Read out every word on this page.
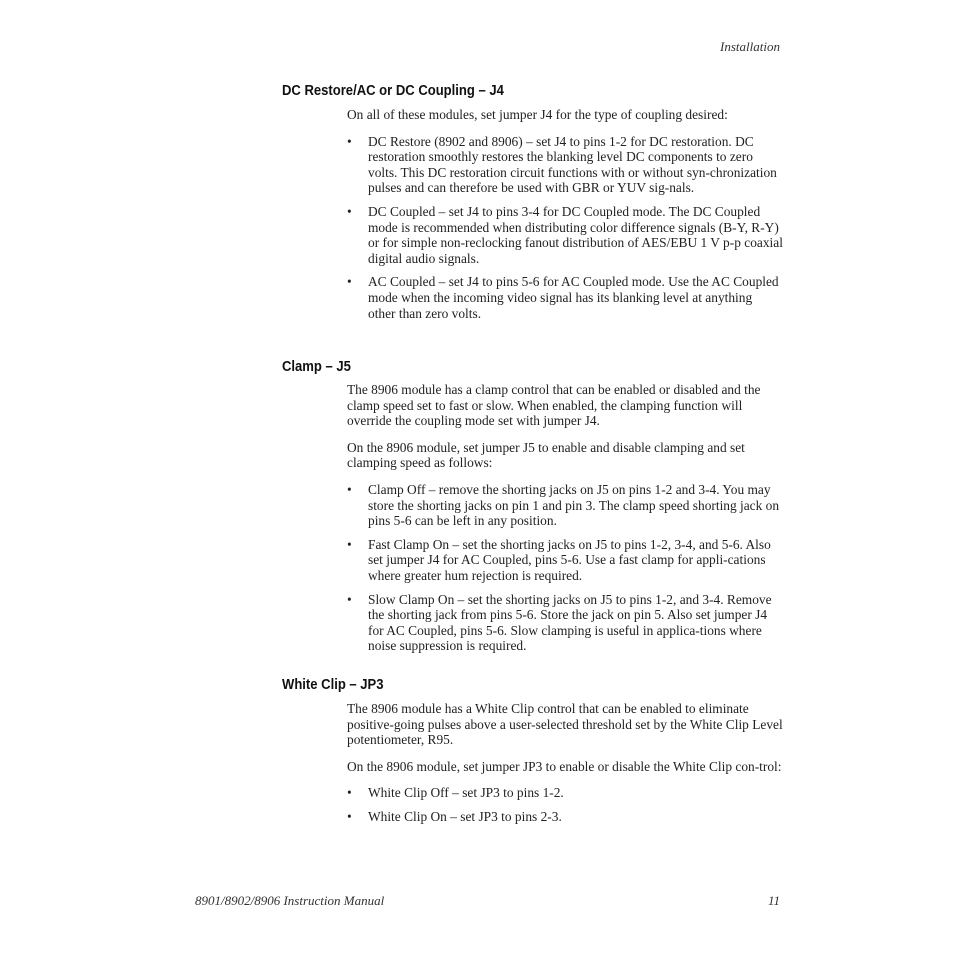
Installation
DC Restore/AC or DC Coupling – J4

On all of these modules, set jumper J4 for the type of coupling desired:

•	DC Restore (8902 and 8906) – set J4 to pins 1-2 for DC restoration. DC restoration smoothly restores the blanking level DC components to zero volts. This DC restoration circuit functions with or without syn-chronization pulses and can therefore be used with GBR or YUV sig-nals.
•	DC Coupled – set J4 to pins 3-4 for DC Coupled mode. The DC Coupled mode is recommended when distributing color difference signals (B-Y, R-Y) or for simple non-reclocking fanout distribution of AES/EBU 1 V p-p coaxial digital audio signals.
•	AC Coupled – set J4 to pins 5-6 for AC Coupled mode. Use the AC Coupled mode when the incoming video signal has its blanking level at anything other than zero volts.
Clamp – J5

The 8906 module has a clamp control that can be enabled or disabled and the clamp speed set to fast or slow. When enabled, the clamping function will override the coupling mode set with jumper J4.

On the 8906 module, set jumper J5 to enable and disable clamping and set clamping speed as follows:

•	Clamp Off – remove the shorting jacks on J5 on pins 1-2 and 3-4. You may store the shorting jacks on pin 1 and pin 3. The clamp speed shorting jack on pins 5-6 can be left in any position.
•	Fast Clamp On – set the shorting jacks on J5 to pins 1-2, 3-4, and 5-6. Also set jumper J4 for AC Coupled, pins 5-6. Use a fast clamp for appli-cations where greater hum rejection is required.
•	Slow Clamp On – set the shorting jacks on J5 to pins 1-2, and 3-4. Remove the shorting jack from pins 5-6. Store the jack on pin 5. Also set jumper J4 for AC Coupled, pins 5-6. Slow clamping is useful in applica-tions where noise suppression is required.
White Clip – JP3

The 8906 module has a White Clip control that can be enabled to eliminate positive-going pulses above a user-selected threshold set by the White Clip Level potentiometer, R95.

On the 8906 module, set jumper JP3 to enable or disable the White Clip con-trol:

•	White Clip Off – set JP3 to pins 1-2.
•	White Clip On – set JP3 to pins 2-3.
8901/8902/8906 Instruction Manual	11
